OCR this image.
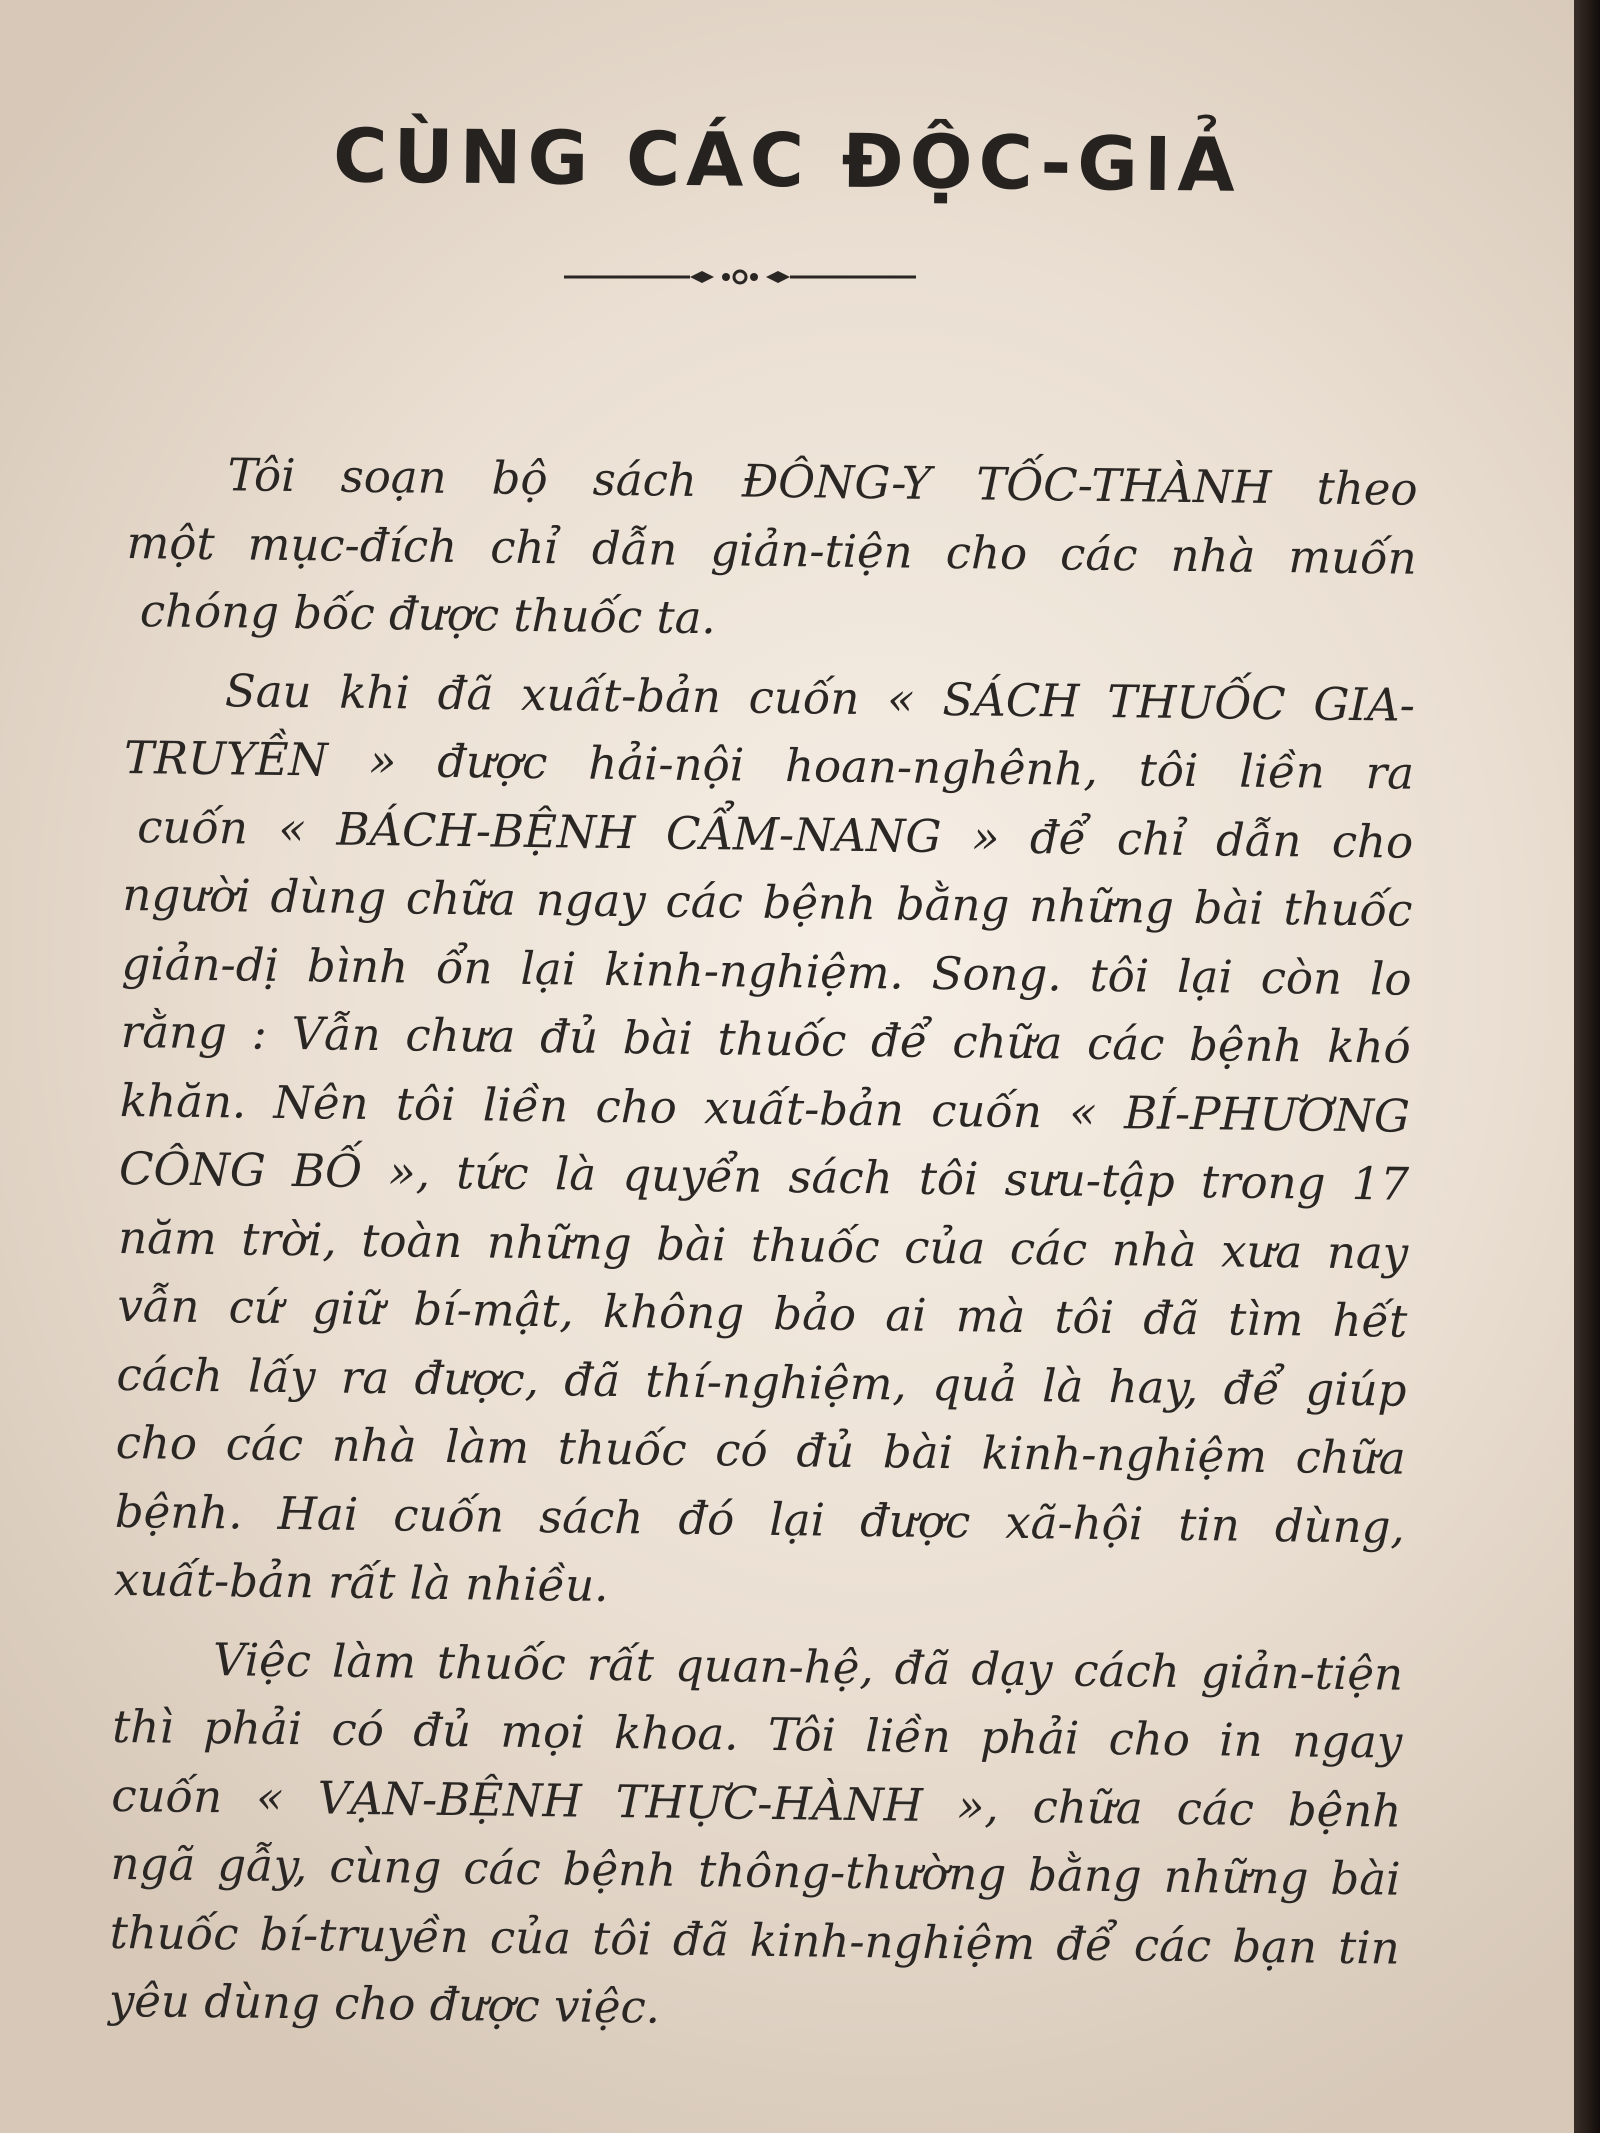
CÙNG CÁC ĐỘC-GIẢ

Tôi soạn bộ sách ĐÔNG-Y TỐC-THÀNH theo
một mục-đích chỉ dẫn giản-tiện cho các nhà muốn
chóng bốc được thuốc ta.

Sau khi đã xuất-bản cuốn « SÁCH THUỐC GIA-
TRUYỀN » được hải-nội hoan-nghênh, tôi liền ra
cuốn « BÁCH-BỆNH CẨM-NANG » để chỉ dẫn cho
người dùng chữa ngay các bệnh bằng những bài thuốc
giản-dị bình ổn lại kinh-nghiệm. Song. tôi lại còn lo
rằng : Vẫn chưa đủ bài thuốc để chữa các bệnh khó
khăn. Nên tôi liền cho xuất-bản cuốn « BÍ-PHƯƠNG
CÔNG BỐ », tức là quyển sách tôi sưu-tập trong 17
năm trời, toàn những bài thuốc của các nhà xưa nay
vẫn cứ giữ bí-mật, không bảo ai mà tôi đã tìm hết
cách lấy ra được, đã thí-nghiệm, quả là hay, để giúp
cho các nhà làm thuốc có đủ bài kinh-nghiệm chữa
bệnh. Hai cuốn sách đó lại được xã-hội tin dùng,
xuất-bản rất là nhiều.

Việc làm thuốc rất quan-hệ, đã dạy cách giản-tiện
thì phải có đủ mọi khoa. Tôi liền phải cho in ngay
cuốn « VẠN-BỆNH THỰC-HÀNH », chữa các bệnh
ngã gẫy, cùng các bệnh thông-thường bằng những bài
thuốc bí-truyền của tôi đã kinh-nghiệm để các bạn tin
yêu dùng cho được việc.
